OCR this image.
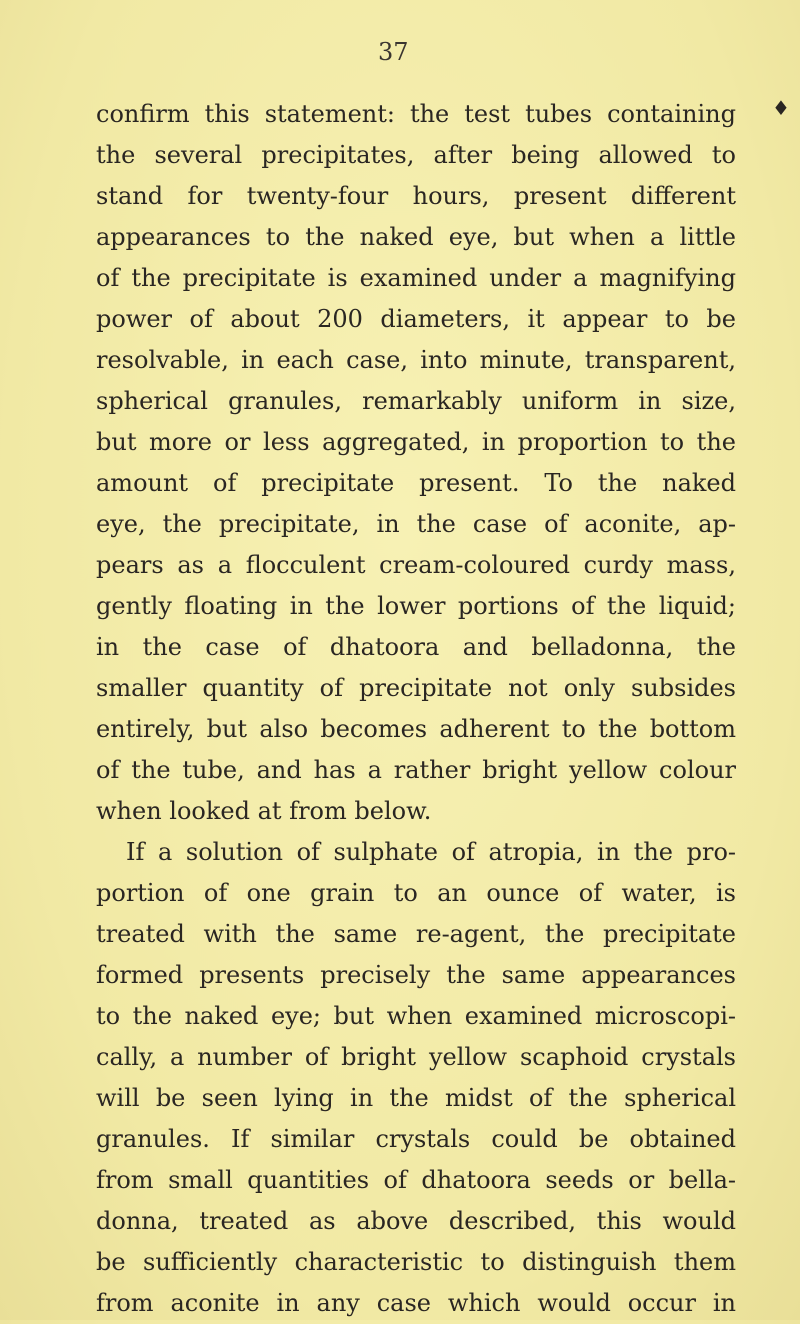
37
♦
confirm this statement: the test tubes containing
the several precipitates, after being allowed to
stand for twenty-four hours, present different
appearances to the naked eye, but when a little
of the precipitate is examined under a magnifying
power of about 200 diameters, it appear to be
resolvable, in each case, into minute, transparent,
spherical granules, remarkably uniform in size,
but more or less aggregated, in proportion to the
amount of precipitate present. To the naked
eye, the precipitate, in the case of aconite, ap-
pears as a flocculent cream-coloured curdy mass,
gently floating in the lower portions of the liquid;
in the case of dhatoora and belladonna, the
smaller quantity of precipitate not only subsides
entirely, but also becomes adherent to the bottom
of the tube, and has a rather bright yellow colour
when looked at from below.
If a solution of sulphate of atropia, in the pro-
portion of one grain to an ounce of water, is
treated with the same re-agent, the precipitate
formed presents precisely the same appearances
to the naked eye; but when examined microscopi-
cally, a number of bright yellow scaphoid crystals
will be seen lying in the midst of the spherical
granules. If similar crystals could be obtained
from small quantities of dhatoora seeds or bella-
donna, treated as above described, this would
be sufficiently characteristic to distinguish them
from aconite in any case which would occur in
